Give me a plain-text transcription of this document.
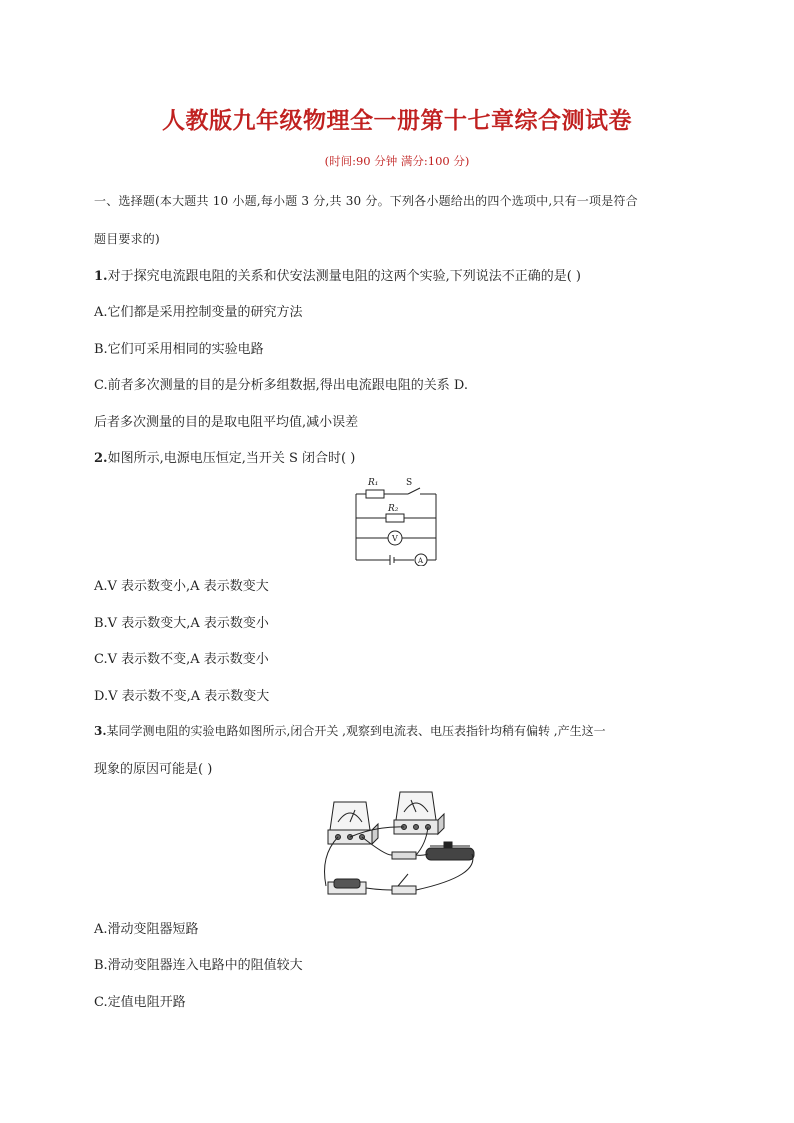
人教版九年级物理全一册第十七章综合测试卷
(时间:90 分钟 满分:100 分)
一、选择题(本大题共 10 小题,每小题 3 分,共 30 分。下列各小题给出的四个选项中,只有一项是符合
题目要求的)
1.对于探究电流跟电阻的关系和伏安法测量电阻的这两个实验,下列说法不正确的是( )
A.它们都是采用控制变量的研究方法
B.它们可采用相同的实验电路
C.前者多次测量的目的是分析多组数据,得出电流跟电阻的关系 D.
后者多次测量的目的是取电阻平均值,减小误差
2.如图所示,电源电压恒定,当开关 S 闭合时( )
R₁	S
R₂
V
A
A.V 表示数变小,A 表示数变大
B.V 表示数变大,A 表示数变小
C.V 表示数不变,A 表示数变小
D.V 表示数不变,A 表示数变大
3.某同学测电阻的实验电路如图所示,闭合开关 ,观察到电流表、电压表指针均稍有偏转 ,产生这一
现象的原因可能是( )
A.滑动变阻器短路
B.滑动变阻器连入电路中的阻值较大
C.定值电阻开路
